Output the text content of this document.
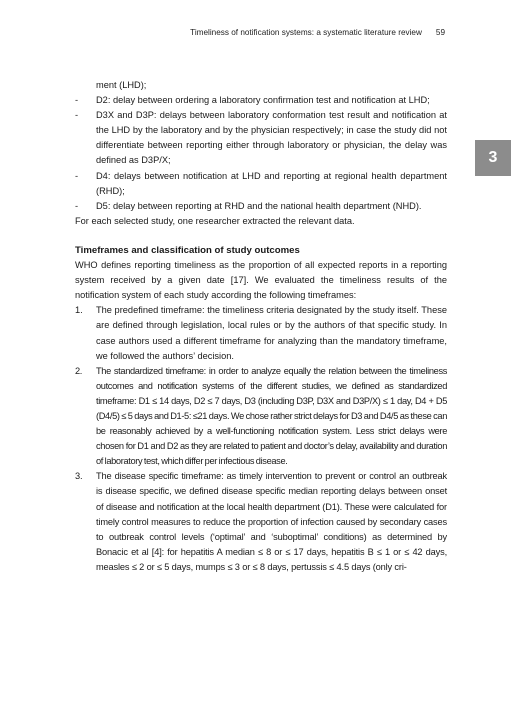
Timeliness of notification systems: a systematic literature review 59
3
ment (LHD);
- D2: delay between ordering a laboratory confirmation test and notification at LHD;
- D3X and D3P: delays between laboratory conformation test result and notification at the LHD by the laboratory and by the physician respectively; in case the study did not differentiate between reporting either through laboratory or physician, the delay was defined as D3P/X;
- D4: delays between notification at LHD and reporting at regional health department (RHD);
- D5: delay between reporting at RHD and the national health department (NHD).
For each selected study, one researcher extracted the relevant data.
Timeframes and classification of study outcomes
WHO defines reporting timeliness as the proportion of all expected reports in a reporting system received by a given date [17]. We evaluated the timeliness results of the notification system of each study according the following timeframes:
1. The predefined timeframe: the timeliness criteria designated by the study itself. These are defined through legislation, local rules or by the authors of that specific study. In case authors used a different timeframe for analyzing than the mandatory timeframe, we followed the authors’ decision.
2. The standardized timeframe: in order to analyze equally the relation between the timeliness outcomes and notification systems of the different studies, we defined as standardized timeframe: D1 ≤ 14 days, D2 ≤ 7 days, D3 (including D3P, D3X and D3P/X) ≤ 1 day, D4 + D5 (D4/5) ≤ 5 days and D1-5: ≤21 days. We chose rather strict delays for D3 and D4/5 as these can be reasonably achieved by a well-functioning notification system. Less strict delays were chosen for D1 and D2 as they are related to patient and doctor’s delay, availability and duration of laboratory test, which differ per infectious disease.
3. The disease specific timeframe: as timely intervention to prevent or control an outbreak is disease specific, we defined disease specific median reporting delays between onset of disease and notification at the local health department (D1). These were calculated for timely control measures to reduce the proportion of infection caused by secondary cases to outbreak control levels (‘optimal’ and ‘suboptimal’ conditions) as determined by Bonacic et al [4]: for hepatitis A median ≤ 8 or ≤ 17 days, hepatitis B ≤ 1 or ≤ 42 days, measles ≤ 2 or ≤ 5 days, mumps ≤ 3 or ≤ 8 days, pertussis ≤ 4.5 days (only cri-
